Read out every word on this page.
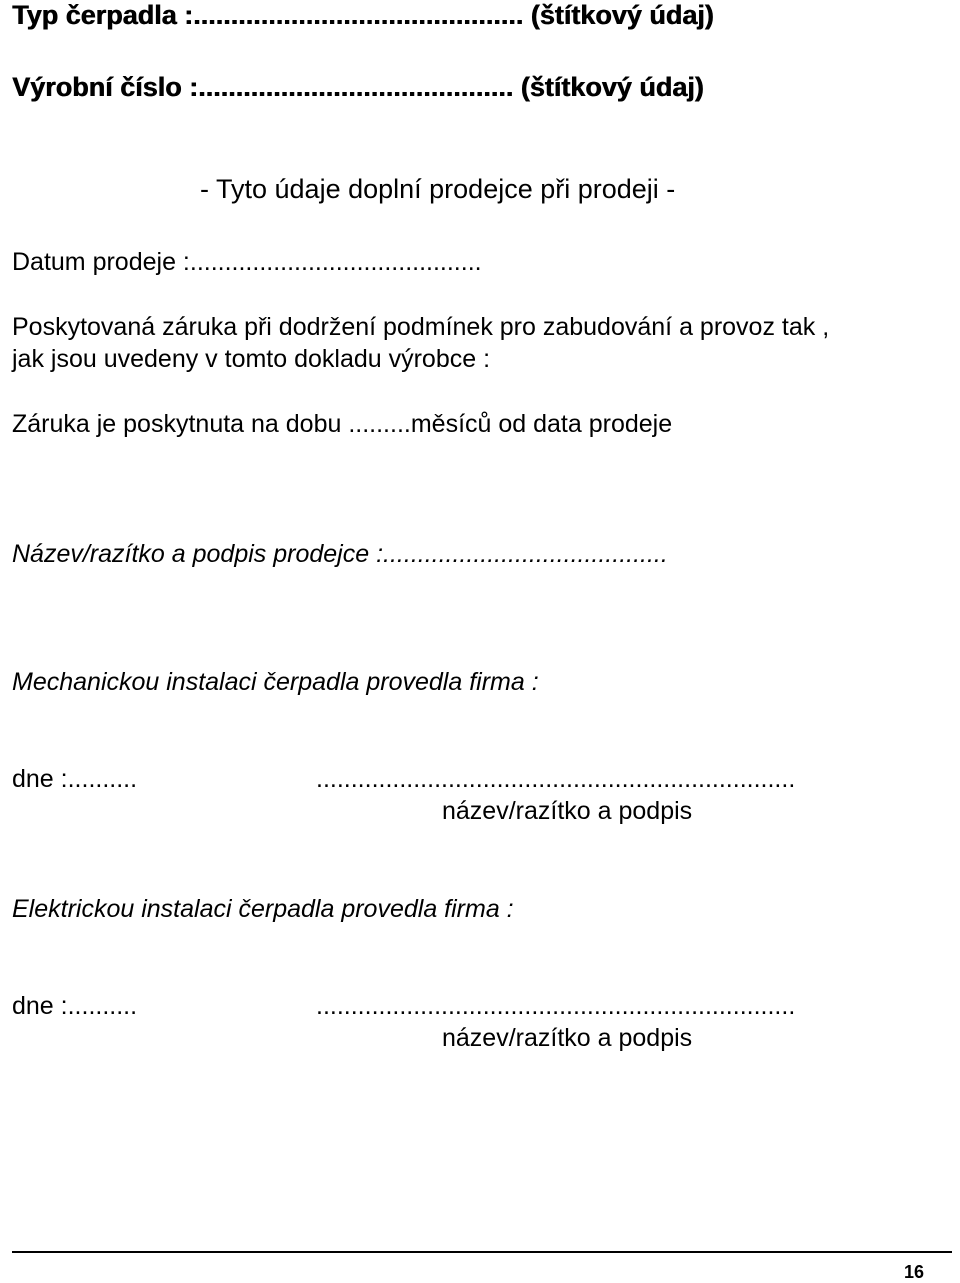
Typ čerpadla :............................................ (štítkový údaj)
Výrobní číslo :.......................................... (štítkový údaj)
- Tyto údaje doplní prodejce při prodeji -
Datum prodeje :..........................................
Poskytovaná záruka při dodržení podmínek pro zabudování a provoz tak ,
jak jsou uvedeny v tomto dokladu výrobce :
Záruka je poskytnuta na dobu .........měsíců od data prodeje
Název/razítko a podpis prodejce :.........................................
Mechanickou instalaci čerpadla provedla firma :
dne :..........	.....................................................................
název/razítko a podpis
Elektrickou instalaci čerpadla provedla firma :
dne :..........	.....................................................................
název/razítko a podpis
16
